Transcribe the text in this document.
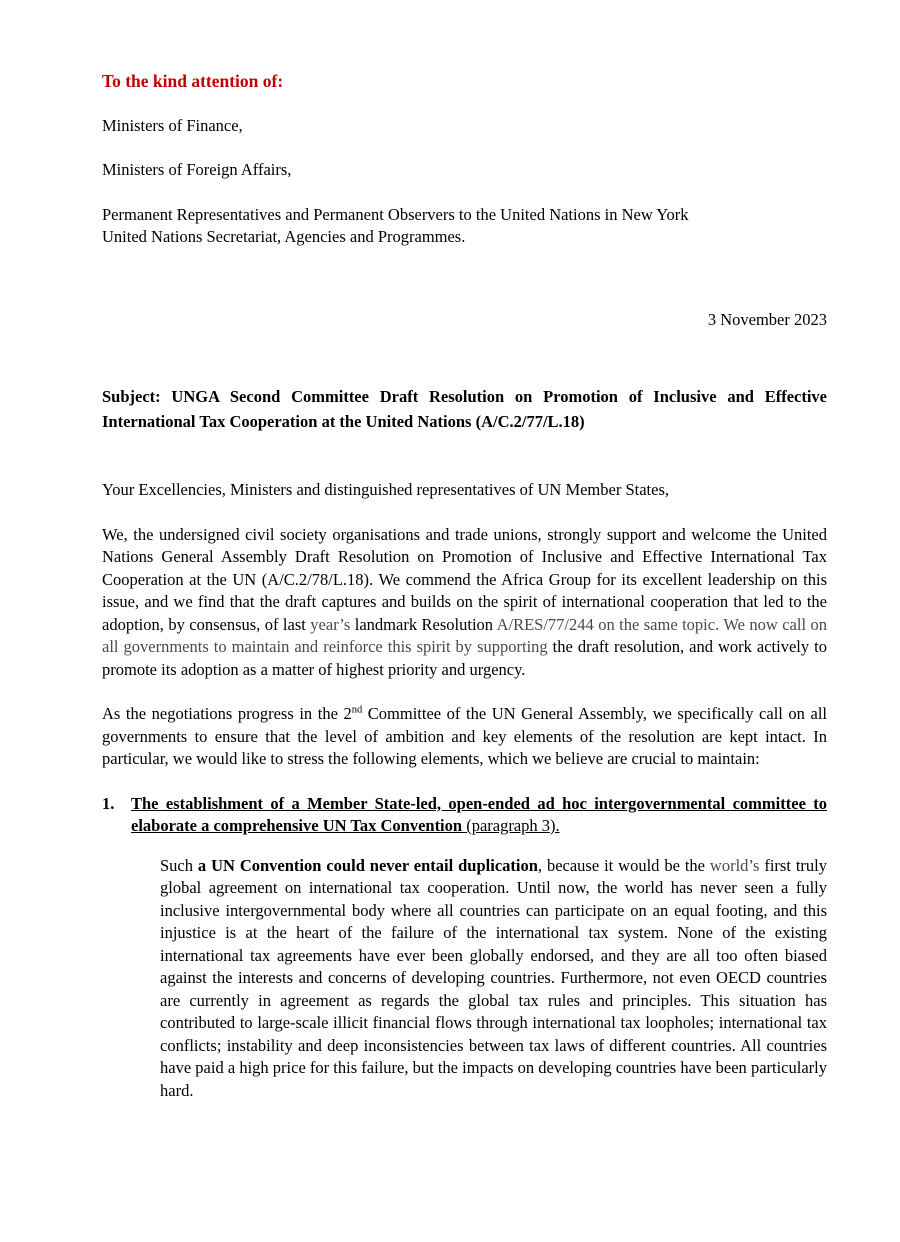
To the kind attention of:

Ministers of Finance,

Ministers of Foreign Affairs,

Permanent Representatives and Permanent Observers to the United Nations in New York
United Nations Secretariat, Agencies and Programmes.

3 November 2023

Subject: UNGA Second Committee Draft Resolution on Promotion of Inclusive and Effective International Tax Cooperation at the United Nations (A/C.2/77/L.18)

Your Excellencies, Ministers and distinguished representatives of UN Member States,

We, the undersigned civil society organisations and trade unions, strongly support and welcome the United Nations General Assembly Draft Resolution on Promotion of Inclusive and Effective International Tax Cooperation at the UN (A/C.2/78/L.18). We commend the Africa Group for its excellent leadership on this issue, and we find that the draft captures and builds on the spirit of international cooperation that led to the adoption, by consensus, of last year’s landmark Resolution A/RES/77/244 on the same topic. We now call on all governments to maintain and reinforce this spirit by supporting the draft resolution, and work actively to promote its adoption as a matter of highest priority and urgency.

As the negotiations progress in the 2nd Committee of the UN General Assembly, we specifically call on all governments to ensure that the level of ambition and key elements of the resolution are kept intact. In particular, we would like to stress the following elements, which we believe are crucial to maintain:

1.	The establishment of a Member State-led, open-ended ad hoc intergovernmental committee to elaborate a comprehensive UN Tax Convention (paragraph 3).

Such a UN Convention could never entail duplication, because it would be the world’s first truly global agreement on international tax cooperation. Until now, the world has never seen a fully inclusive intergovernmental body where all countries can participate on an equal footing, and this injustice is at the heart of the failure of the international tax system. None of the existing international tax agreements have ever been globally endorsed, and they are all too often biased against the interests and concerns of developing countries. Furthermore, not even OECD countries are currently in agreement as regards the global tax rules and principles. This situation has contributed to large-scale illicit financial flows through international tax loopholes; international tax conflicts; instability and deep inconsistencies between tax laws of different countries. All countries have paid a high price for this failure, but the impacts on developing countries have been particularly hard.
